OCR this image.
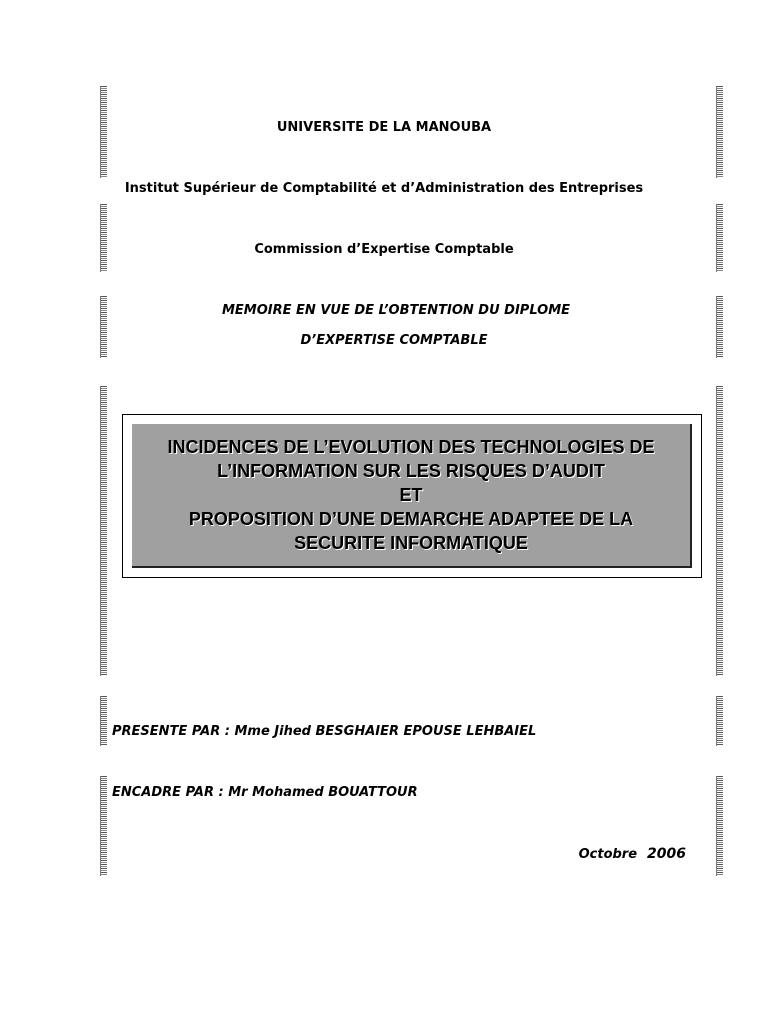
UNIVERSITE DE LA MANOUBA
Institut Supérieur de Comptabilité et d’Administration des Entreprises
Commission d’Expertise Comptable
MEMOIRE EN VUE DE L’OBTENTION DU DIPLOME
D’EXPERTISE COMPTABLE
INCIDENCES DE L’EVOLUTION DES TECHNOLOGIES DE
L’INFORMATION SUR LES RISQUES D’AUDIT
ET
PROPOSITION D’UNE DEMARCHE ADAPTEE DE LA
SECURITE INFORMATIQUE
PRESENTE PAR : Mme Jihed BESGHAIER EPOUSE LEHBAIEL
ENCADRE PAR : Mr Mohamed BOUATTOUR
Octobre 2006
